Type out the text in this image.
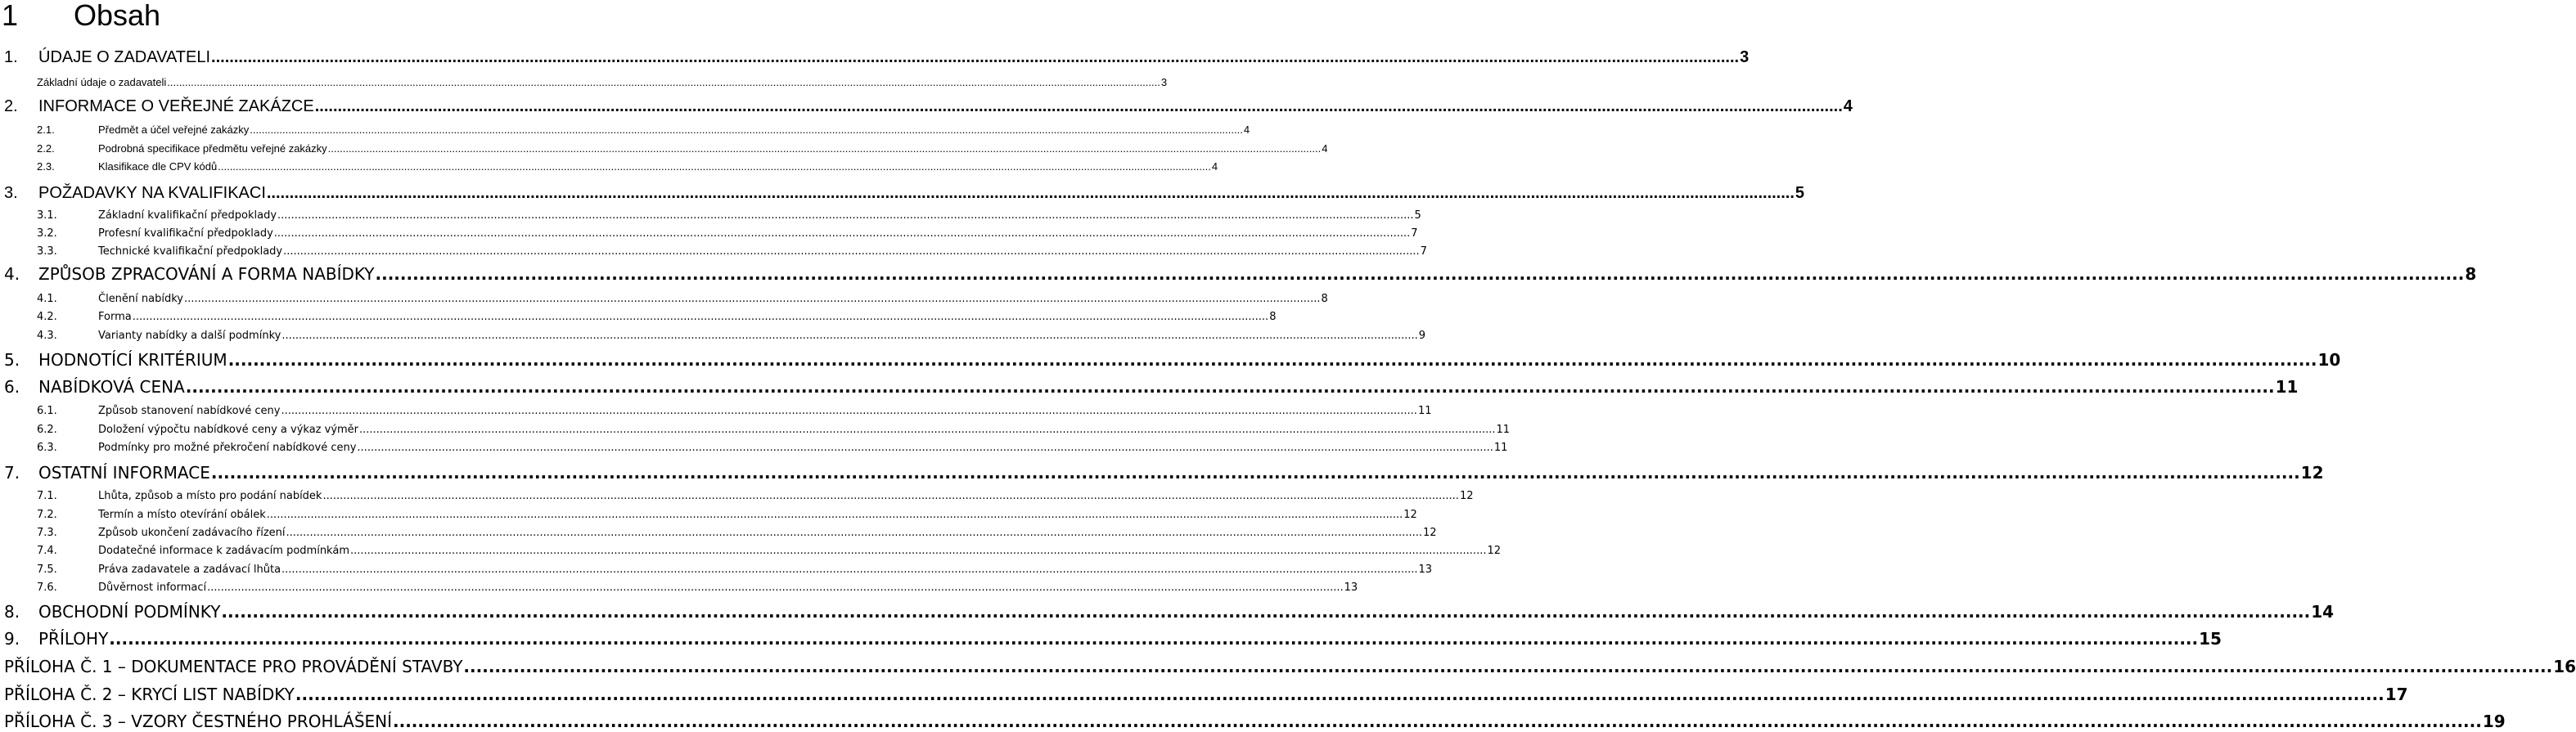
1 Obsah
1.	ÚDAJE O ZADAVATELI .....	3
Základní údaje o zadavateli .....	3
2.	INFORMACE O VEŘEJNÉ ZAKÁZCE .....	4
2.1.	Předmět a účel veřejné zakázky .....	4
2.2.	Podrobná specifikace předmětu veřejné zakázky .....	4
2.3.	Klasifikace dle CPV kódů .....	4
3.	POŽADAVKY NA KVALIFIKACI .....	5
3.1.	Základní kvalifikační předpoklady .....	5
3.2.	Profesní kvalifikační předpoklady .....	7
3.3.	Technické kvalifikační předpoklady .....	7
4.	ZPŮSOB ZPRACOVÁNÍ A FORMA NABÍDKY .....	8
4.1.	Členění nabídky .....	8
4.2.	Forma .....	8
4.3.	Varianty nabídky a další podmínky .....	9
5.	HODNOTÍCÍ KRITÉRIUM .....	10
6.	NABÍDKOVÁ CENA .....	11
6.1.	Způsob stanovení nabídkové ceny .....	11
6.2.	Doložení výpočtu nabídkové ceny a výkaz výměr .....	11
6.3.	Podmínky pro možné překročení nabídkové ceny .....	11
7.	OSTATNÍ INFORMACE .....	12
7.1.	Lhůta, způsob a místo pro podání nabídek .....	12
7.2.	Termín a místo otevírání obálek .....	12
7.3.	Způsob ukončení zadávacího řízení .....	12
7.4.	Dodatečné informace k zadávacím podmínkám .....	12
7.5.	Práva zadavatele a zadávací lhůta .....	13
7.6.	Důvěrnost informací .....	13
8.	OBCHODNÍ PODMÍNKY .....	14
9.	PŘÍLOHY .....	15
PŘÍLOHA Č. 1 – DOKUMENTACE PRO PROVÁDĚNÍ STAVBY .....	16
PŘÍLOHA Č. 2 – KRYCÍ LIST NABÍDKY .....	17
PŘÍLOHA Č. 3 – VZORY ČESTNÉHO PROHLÁŠENÍ .....	19
